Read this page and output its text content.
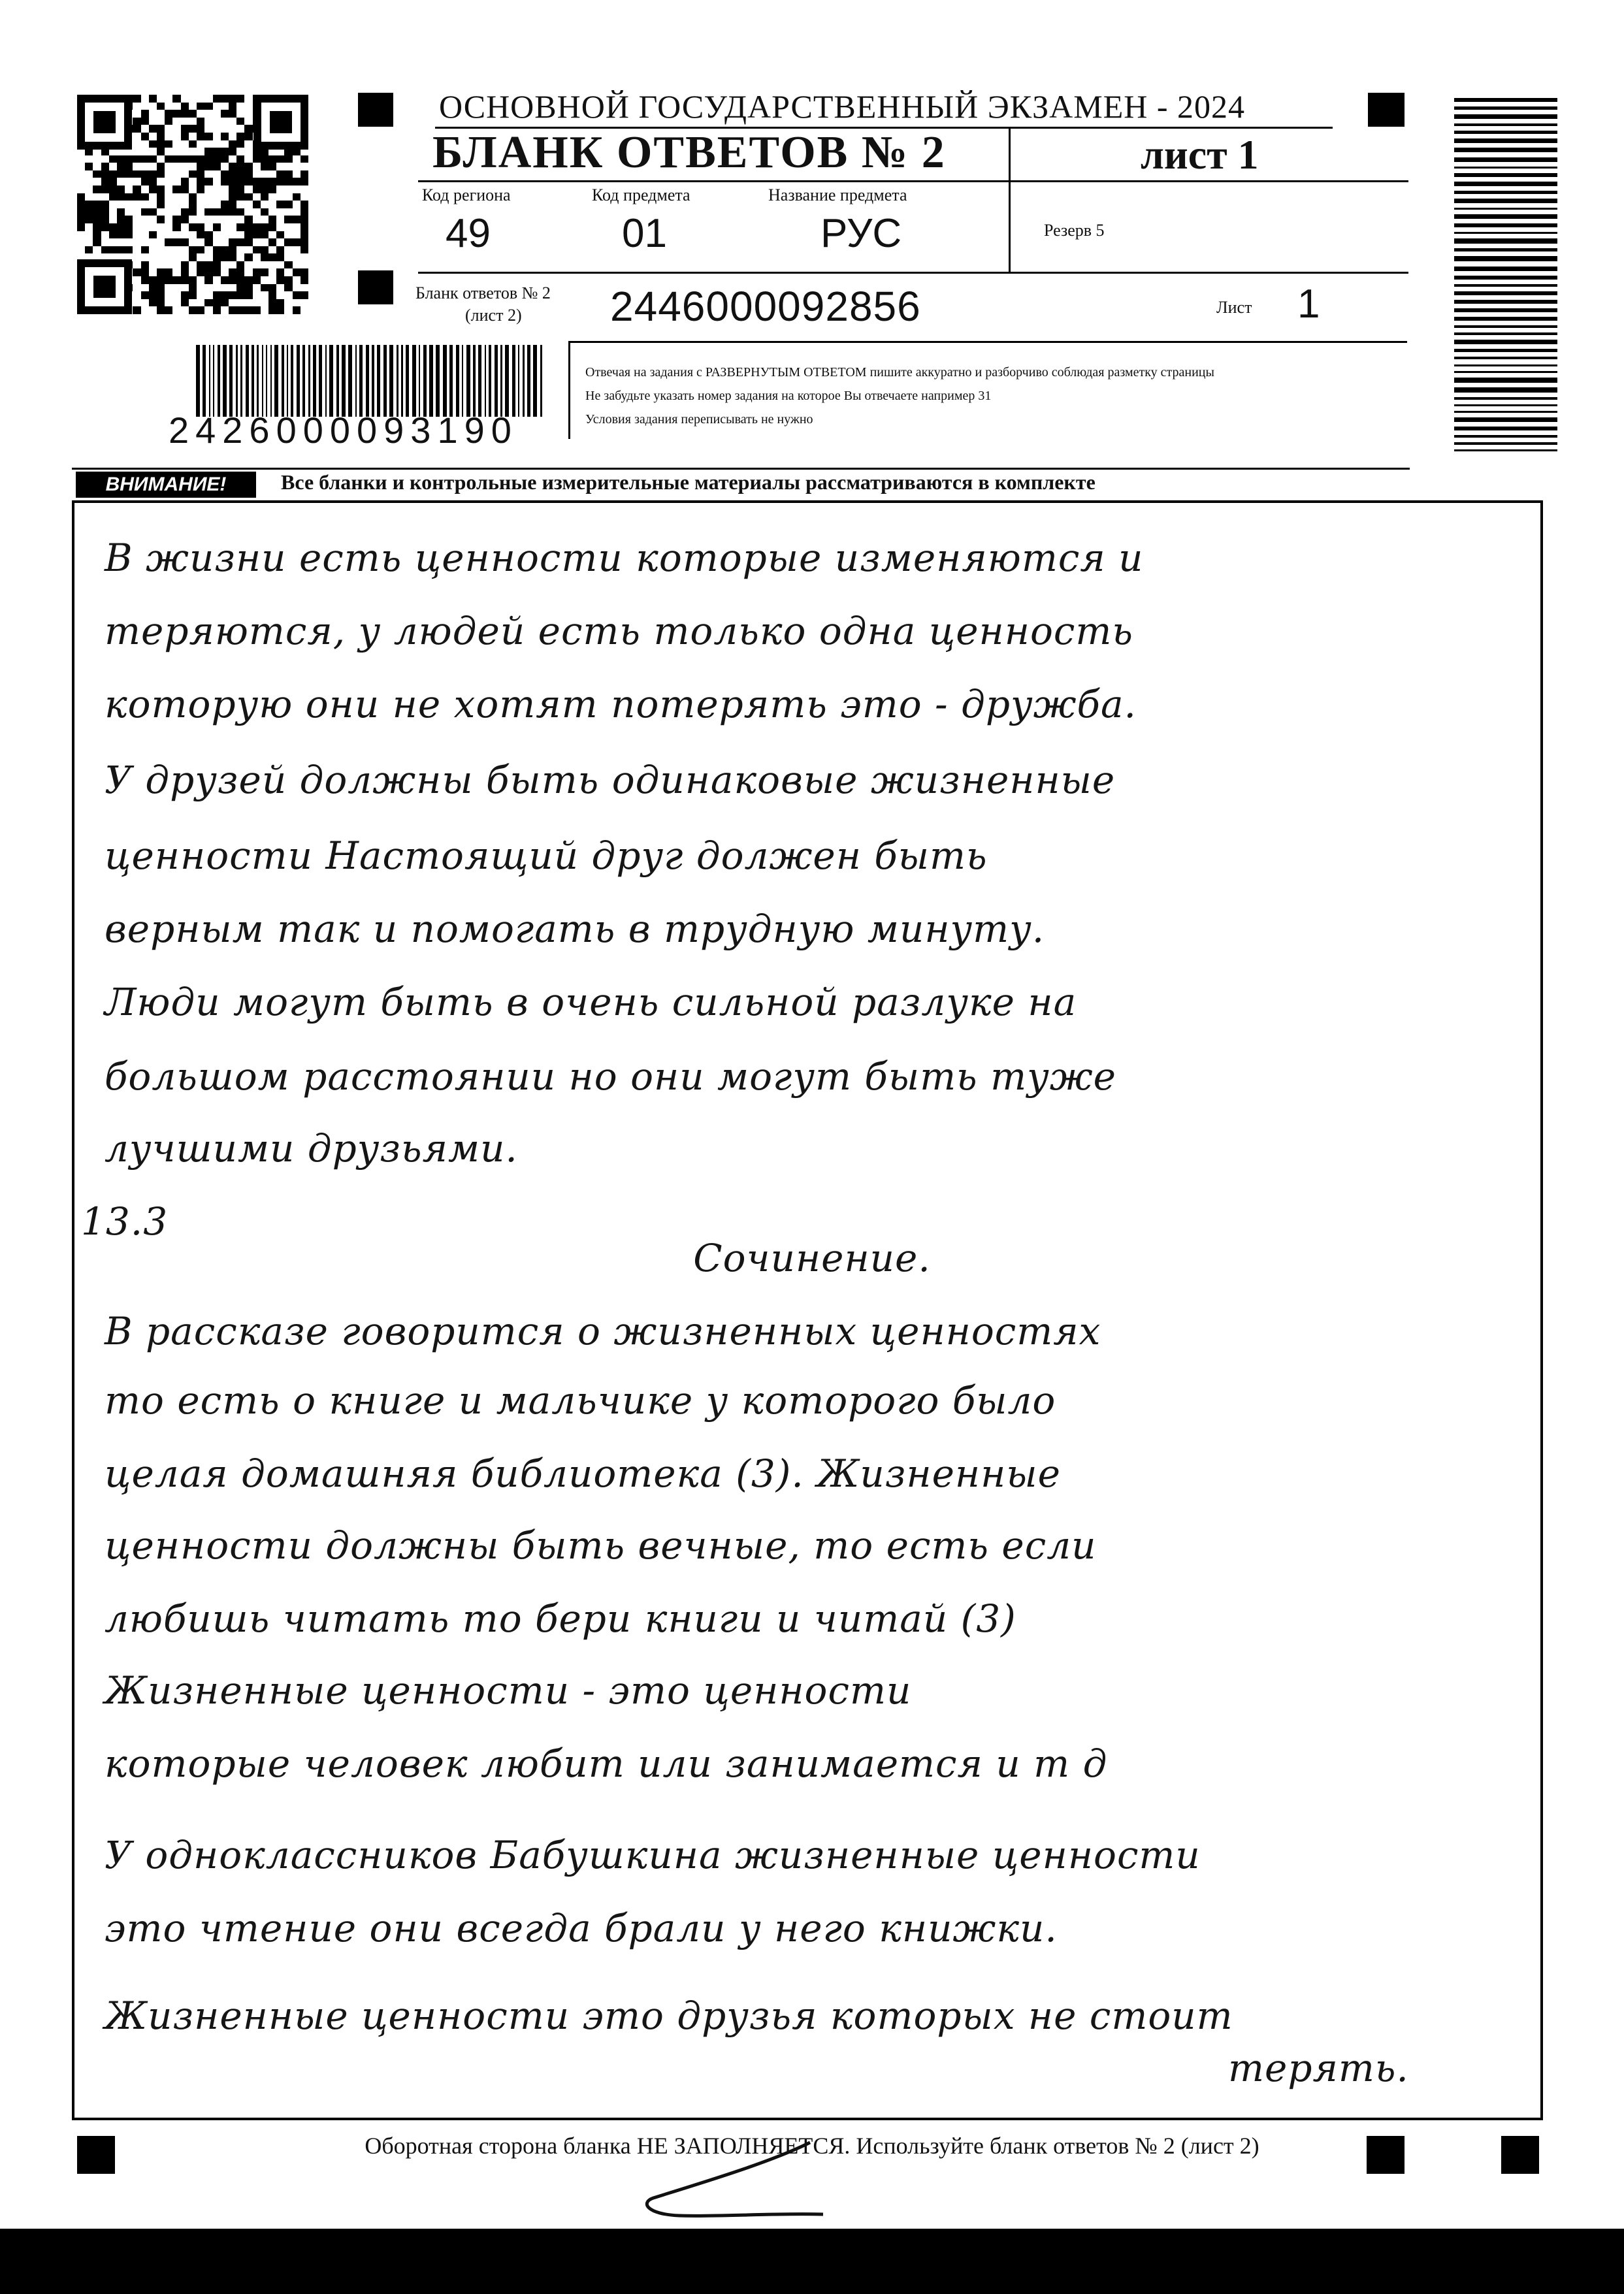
ОСНОВНОЙ ГОСУДАРСТВЕННЫЙ ЭКЗАМЕН - 2024
БЛАНК ОТВЕТОВ № 2	лист 1
Код региона	Код предмета	Название предмета
49	01	РУС	Резерв 5
Бланк ответов № 2
(лист 2) 2446000092856	Лист 1
Отвечая на задания с РАЗВЕРНУТЫМ ОТВЕТОМ пишите аккуратно и разборчиво соблюдая разметку страницы
Не забудьте указать номер задания на которое Вы отвечаете например 31
Условия задания переписывать не нужно
2426000093190
ВНИМАНИЕ!	Все бланки и контрольные измерительные материалы рассматриваются в комплекте
В жизни есть ценности которые изменяются и
теряются, у людей есть только одна ценность
которую они не хотят потерять это - дружба.
У друзей должны быть одинаковые жизненные
ценности Настоящий друг должен быть
верным так и помогать в трудную минуту.
Люди могут быть в очень сильной разлуке на
большом расстоянии но они могут быть туже
лучшими друзьями.
13.3
Сочинение.
В рассказе говорится о жизненных ценностях
то есть о книге и мальчике у которого было
целая домашняя библиотека (3). Жизненные
ценности должны быть вечные, то есть если
любишь читать то бери книги и читай (3)
Жизненные ценности - это ценности
которые человек любит или занимается и т д
У одноклассников Бабушкина жизненные ценности
это чтение они всегда брали у него книжки.
Жизненные ценности это друзья которых не стоит
терять.
Оборотная сторона бланка НЕ ЗАПОЛНЯЕТСЯ. Используйте бланк ответов № 2 (лист 2)
